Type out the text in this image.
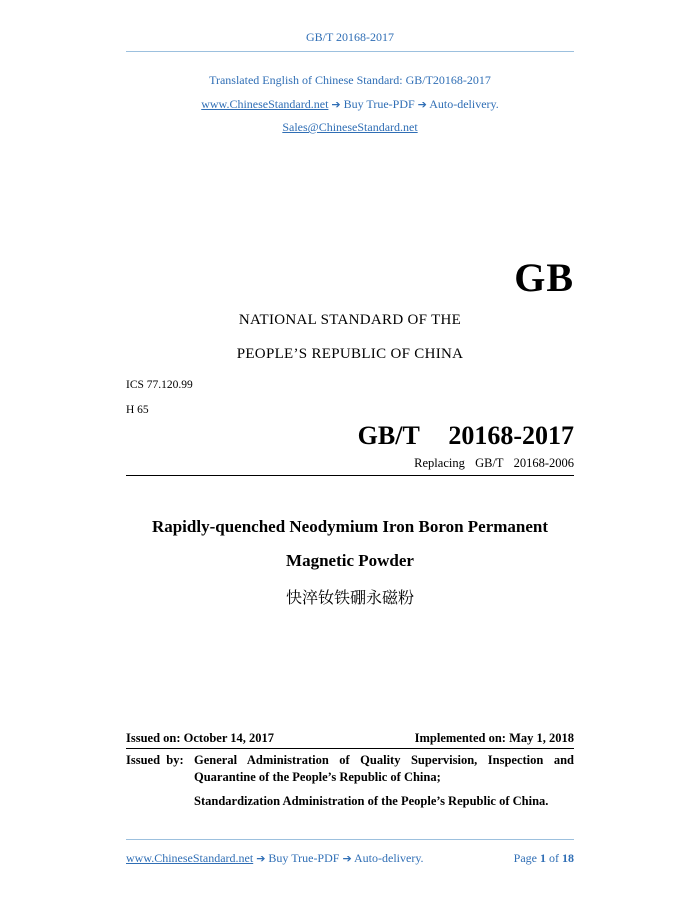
GB/T 20168-2017
Translated English of Chinese Standard: GB/T20168-2017
www.ChineseStandard.net ➔ Buy True-PDF ➔ Auto-delivery.
Sales@ChineseStandard.net
GB
NATIONAL STANDARD OF THE
PEOPLE’S REPUBLIC OF CHINA
ICS 77.120.99
H 65
GB/T  20168-2017
Replacing  GB/T  20168-2006
Rapidly-quenched Neodymium Iron Boron Permanent
Magnetic Powder
快淬钕铁硼永磁粉
Issued on: October 14, 2017	Implemented on: May 1, 2018
Issued  by: General Administration of Quality Supervision, Inspection and
Quarantine of the People’s Republic of China;
Standardization Administration of the People’s Republic of China.
www.ChineseStandard.net ➔ Buy True-PDF ➔ Auto-delivery.	Page 1 of 18
